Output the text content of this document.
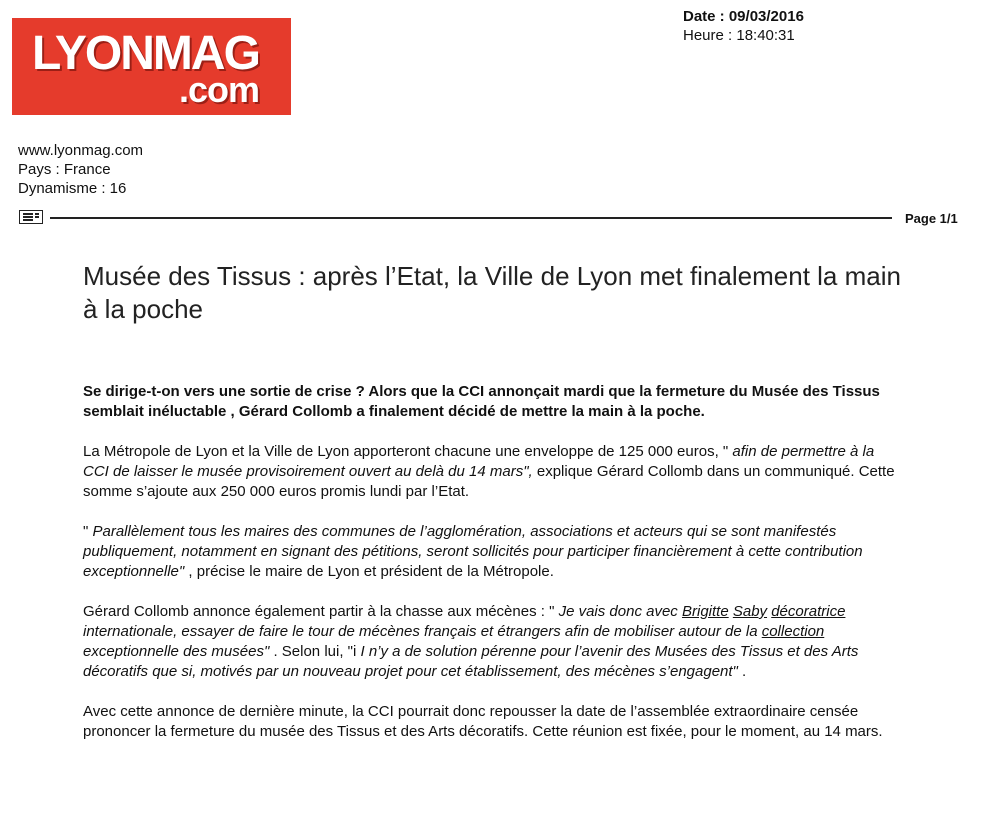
LYONMAG
.com
Date : 09/03/2016
Heure : 18:40:31
www.lyonmag.com
Pays : France
Dynamisme : 16
Page 1/1
Musée des Tissus : après l’Etat, la Ville de Lyon met finalement la main à la poche

Se dirige-t-on vers une sortie de crise ? Alors que la CCI annonçait mardi que la fermeture du Musée des Tissus semblait inéluctable , Gérard Collomb a finalement décidé de mettre la main à la poche.

La Métropole de Lyon et la Ville de Lyon apporteront chacune une enveloppe de 125 000 euros, " afin de permettre à la CCI de laisser le musée provisoirement ouvert au delà du 14 mars", explique Gérard Collomb dans un communiqué. Cette somme s’ajoute aux 250 000 euros promis lundi par l’Etat.

" Parallèlement tous les maires des communes de l’agglomération, associations et acteurs qui se sont manifestés publiquement, notamment en signant des pétitions, seront sollicités pour participer financièrement à cette contribution exceptionnelle" , précise le maire de Lyon et président de la Métropole.

Gérard Collomb annonce également partir à la chasse aux mécènes : " Je vais donc avec Brigitte Saby décoratrice internationale, essayer de faire le tour de mécènes français et étrangers afin de mobiliser autour de la collection exceptionnelle des musées" . Selon lui, "i I n’y a de solution pérenne pour l’avenir des Musées des Tissus et des Arts décoratifs que si, motivés par un nouveau projet pour cet établissement, des mécènes s’engagent" .

Avec cette annonce de dernière minute, la CCI pourrait donc repousser la date de l’assemblée extraordinaire censée prononcer la fermeture du musée des Tissus et des Arts décoratifs. Cette réunion est fixée, pour le moment, au 14 mars.
